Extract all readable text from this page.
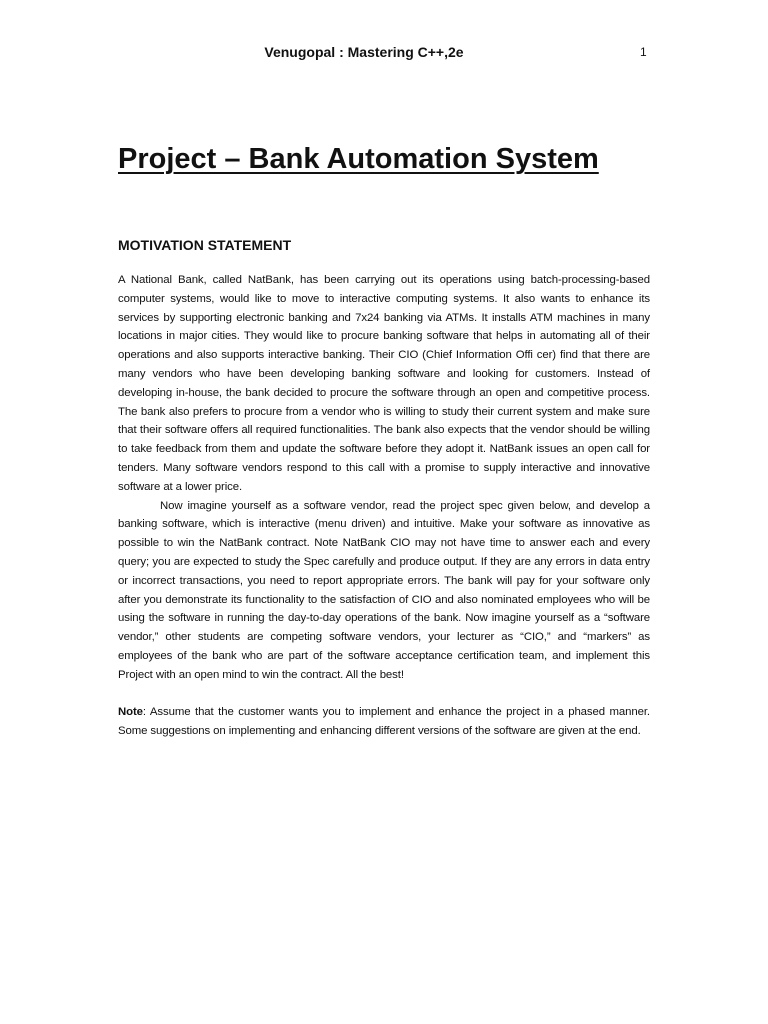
Venugopal : Mastering C++,2e	1
Project – Bank Automation System
MOTIVATION STATEMENT

A National Bank, called NatBank, has been carrying out its operations using batch-processing-based computer systems, would like to move to interactive computing systems. It also wants to enhance its services by supporting electronic banking and 7x24 banking via ATMs. It installs ATM machines in many locations in major cities. They would like to procure banking software that helps in automating all of their operations and also supports interactive banking. Their CIO (Chief Information Offi cer) find that there are many vendors who have been developing banking software and looking for customers. Instead of developing in-house, the bank decided to procure the software through an open and competitive process. The bank also prefers to procure from a vendor who is willing to study their current system and make sure that their software offers all required functionalities. The bank also expects that the vendor should be willing to take feedback from them and update the software before they adopt it. NatBank issues an open call for tenders. Many software vendors respond to this call with a promise to supply interactive and innovative software at a lower price.

Now imagine yourself as a software vendor, read the project spec given below, and develop a banking software, which is interactive (menu driven) and intuitive. Make your software as innovative as possible to win the NatBank contract. Note NatBank CIO may not have time to answer each and every query; you are expected to study the Spec carefully and produce output. If they are any errors in data entry or incorrect transactions, you need to report appropriate errors. The bank will pay for your software only after you demonstrate its functionality to the satisfaction of CIO and also nominated employees who will be using the software in running the day-to-day operations of the bank. Now imagine yourself as a “software vendor,” other students are competing software vendors, your lecturer as “CIO,” and “markers” as employees of the bank who are part of the software acceptance certification team, and implement this Project with an open mind to win the contract. All the best!

Note: Assume that the customer wants you to implement and enhance the project in a phased manner. Some suggestions on implementing and enhancing different versions of the software are given at the end.
